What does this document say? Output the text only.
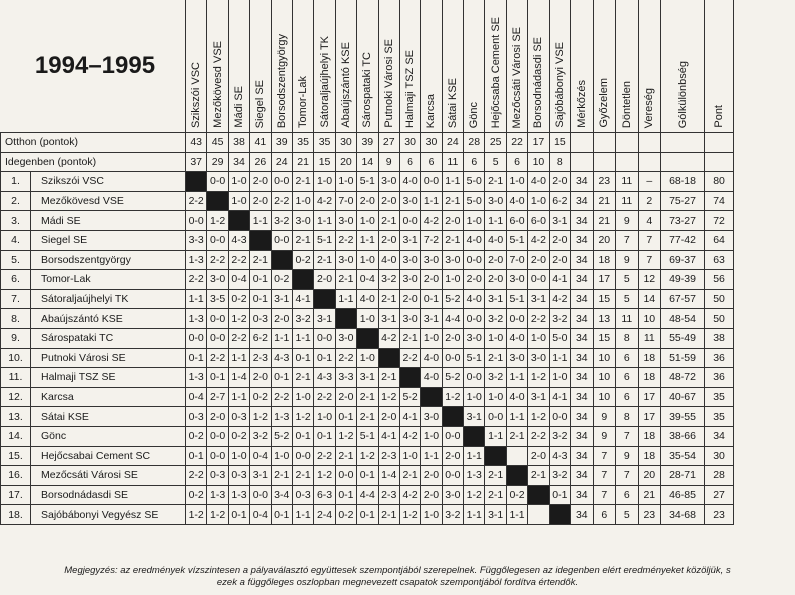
		Szikszói VSC	Mezőkövesd VSE	Mádi SE	Siegel SE	Borsodszentgyörgy	Tomor-Lak	Sátoraljaújhelyi TK	Abaújszántó KSE	Sárospataki TC	Putnoki Városi SE	Halmaji TSZ SE	Karcsa	Sátai KSE	Gönc	Hejőcsaba Cement SE	Mezőcsáti Városi SE	Borsodnádasdi SE	Sajóbábonyi VSE	Mérkőzés	Győzelem	Döntetlen	Vereség	Gólkülönbség	Pont

Otthon (pontok)		43	45	38	41	39	35	35	30	39	27	30	30	24	28	25	22	17	15						
Idegenben (pontok)		37	29	34	26	24	21	15	20	14	9	6	6	11	6	5	6	10	8						
1.	Szikszói VSC		0-0	1-0	2-0	0-0	2-1	1-0	1-0	5-1	3-0	4-0	0-0	1-1	5-0	2-1	1-0	4-0	2-0	34	23	11	–	68-18	80
2.	Mezőkövesd VSE	2-2		1-0	2-0	2-2	1-0	4-2	7-0	2-0	2-0	3-0	1-1	2-1	5-0	3-0	4-0	1-0	6-2	34	21	11	2	75-27	74
3.	Mádi SE	0-0	1-2		1-1	3-2	3-0	1-1	3-0	1-0	2-1	0-0	4-2	2-0	1-0	1-1	6-0	6-0	3-1	34	21	9	4	73-27	72
4.	Siegel SE	3-3	0-0	4-3		0-0	2-1	5-1	2-2	1-1	2-0	3-1	7-2	2-1	4-0	4-0	5-1	4-2	2-0	34	20	7	7	77-42	64
5.	Borsodszentgyörgy	1-3	2-2	2-2	2-1		0-2	2-1	3-0	1-0	4-0	3-0	3-0	3-0	0-0	2-0	7-0	2-0	2-0	34	18	9	7	69-37	63
6.	Tomor-Lak	2-2	3-0	0-4	0-1	0-2		2-0	2-1	0-4	3-2	3-0	2-0	1-0	2-0	2-0	3-0	0-0	4-1	34	17	5	12	49-39	56
7.	Sátoraljaújhelyi TK	1-1	3-5	0-2	0-1	3-1	4-1		1-1	4-0	2-1	2-0	0-1	5-2	4-0	3-1	5-1	3-1	4-2	34	15	5	14	67-57	50
8.	Abaújszántó KSE	1-3	0-0	1-2	0-3	2-0	3-2	3-1		1-0	3-1	3-0	3-1	4-4	0-0	3-2	0-0	2-2	3-2	34	13	11	10	48-54	50
9.	Sárospataki TC	0-0	0-0	2-2	6-2	1-1	1-1	0-0	3-0		4-2	2-1	1-0	2-0	3-0	1-0	4-0	1-0	5-0	34	15	8	11	55-49	38
10.	Putnoki Városi SE	0-1	2-2	1-1	2-3	4-3	0-1	0-1	2-2	1-0		2-2	4-0	0-0	5-1	2-1	3-0	3-0	1-1	34	10	6	18	51-59	36
11.	Halmaji TSZ SE	1-3	0-1	1-4	2-0	0-1	2-1	4-3	3-3	3-1	2-1		4-0	5-2	0-0	3-2	1-1	1-2	1-0	34	10	6	18	48-72	36
12.	Karcsa	0-4	2-7	1-1	0-2	2-2	1-0	2-2	2-0	2-1	1-2	5-2		1-2	1-0	1-0	4-0	3-1	4-1	34	10	6	17	40-67	35
13.	Sátai KSE	0-3	2-0	0-3	1-2	1-3	1-2	1-0	0-1	2-1	2-0	4-1	3-0		3-1	0-0	1-1	1-2	0-0	34	9	8	17	39-55	35
14.	Gönc	0-2	0-0	0-2	3-2	5-2	0-1	0-1	1-2	5-1	4-1	4-2	1-0	0-0		1-1	2-1	2-2	3-2	34	9	7	18	38-66	34
15.	Hejőcsabai Cement SC	0-1	0-0	1-0	0-4	1-0	0-0	2-2	2-1	1-2	2-3	1-0	1-1	2-0	1-1			2-0	4-3	34	7	9	18	35-54	30
16.	Mezőcsáti Városi SE	2-2	0-3	0-3	3-1	2-1	2-1	1-2	0-0	0-1	1-4	2-1	2-0	0-0	1-3	2-1		2-1	3-2	34	7	7	20	28-71	28
17.	Borsodnádasdi SE	0-2	1-3	1-3	0-0	3-4	0-3	6-3	0-1	4-4	2-3	4-2	2-0	3-0	1-2	2-1	0-2		0-1	34	7	6	21	46-85	27
18.	Sajóbábonyi Vegyész SE	1-2	1-2	0-1	0-4	0-1	1-1	2-4	0-2	0-1	2-1	1-2	1-0	3-2	1-1	3-1	1-1			34	6	5	23	34-68	23
1994–1995
Megjegyzés: az eredmények vízszintesen a pályaválasztó együttesek szempontjából szerepelnek. Függőlegesen az idegenben elért eredményeket közöljük, s
ezek a függőleges oszlopban megnevezett csapatok szempontjából fordítva értendők.
